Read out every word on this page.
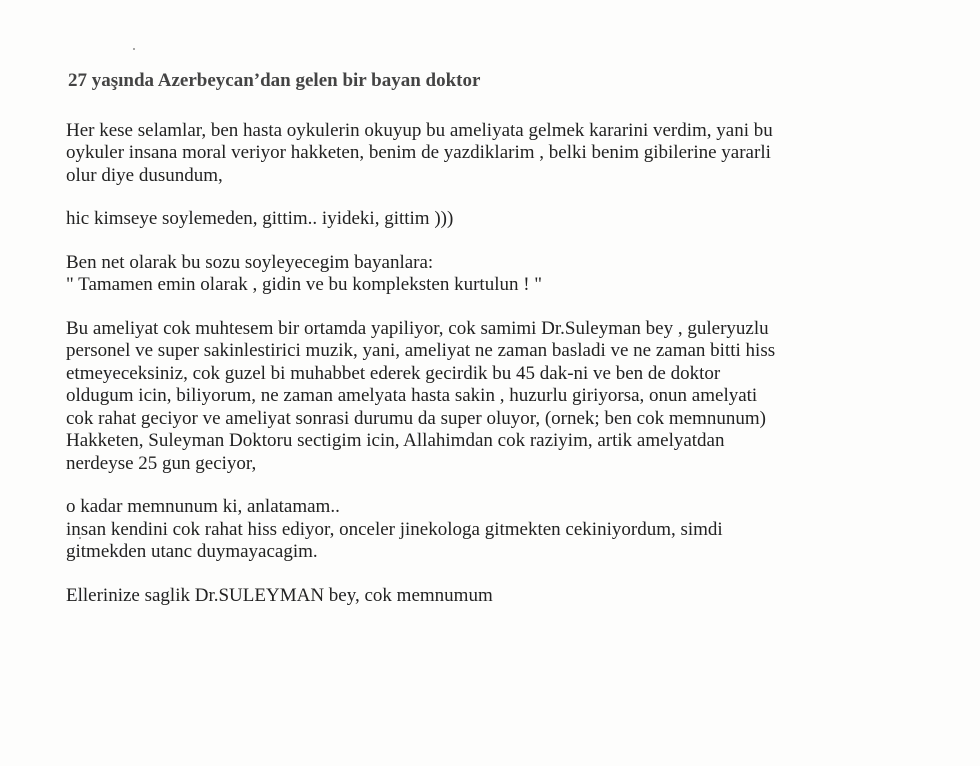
27 yaşında Azerbeycan’dan gelen bir bayan doktor
Her kese selamlar, ben hasta oykulerin okuyup bu ameliyata gelmek kararini verdim, yani bu
oykuler insana moral veriyor hakketen, benim de yazdiklarim , belki benim gibilerine yararli
olur diye dusundum,
hic kimseye soylemeden, gittim.. iyideki, gittim )))
Ben net olarak bu sozu soyleyecegim bayanlara:
" Tamamen emin olarak , gidin ve bu kompleksten kurtulun ! "
Bu ameliyat cok muhtesem bir ortamda yapiliyor, cok samimi Dr.Suleyman bey , guleryuzlu
personel ve super sakinlestirici muzik, yani, ameliyat ne zaman basladi ve ne zaman bitti hiss
etmeyeceksiniz, cok guzel bi muhabbet ederek gecirdik bu 45 dak-ni ve ben de doktor
oldugum icin, biliyorum, ne zaman amelyata hasta sakin , huzurlu giriyorsa, onun amelyati
cok rahat geciyor ve ameliyat sonrasi durumu da super oluyor, (ornek; ben cok memnunum)
Hakketen, Suleyman Doktoru sectigim icin, Allahimdan cok raziyim, artik amelyatdan
nerdeyse 25 gun geciyor,
o kadar memnunum ki, anlatamam..
insan kendini cok rahat hiss ediyor, onceler jinekologa gitmekten cekiniyordum, simdi
gitmekden utanc duymayacagim.
Ellerinize saglik Dr.SULEYMAN bey, cok memnumum
